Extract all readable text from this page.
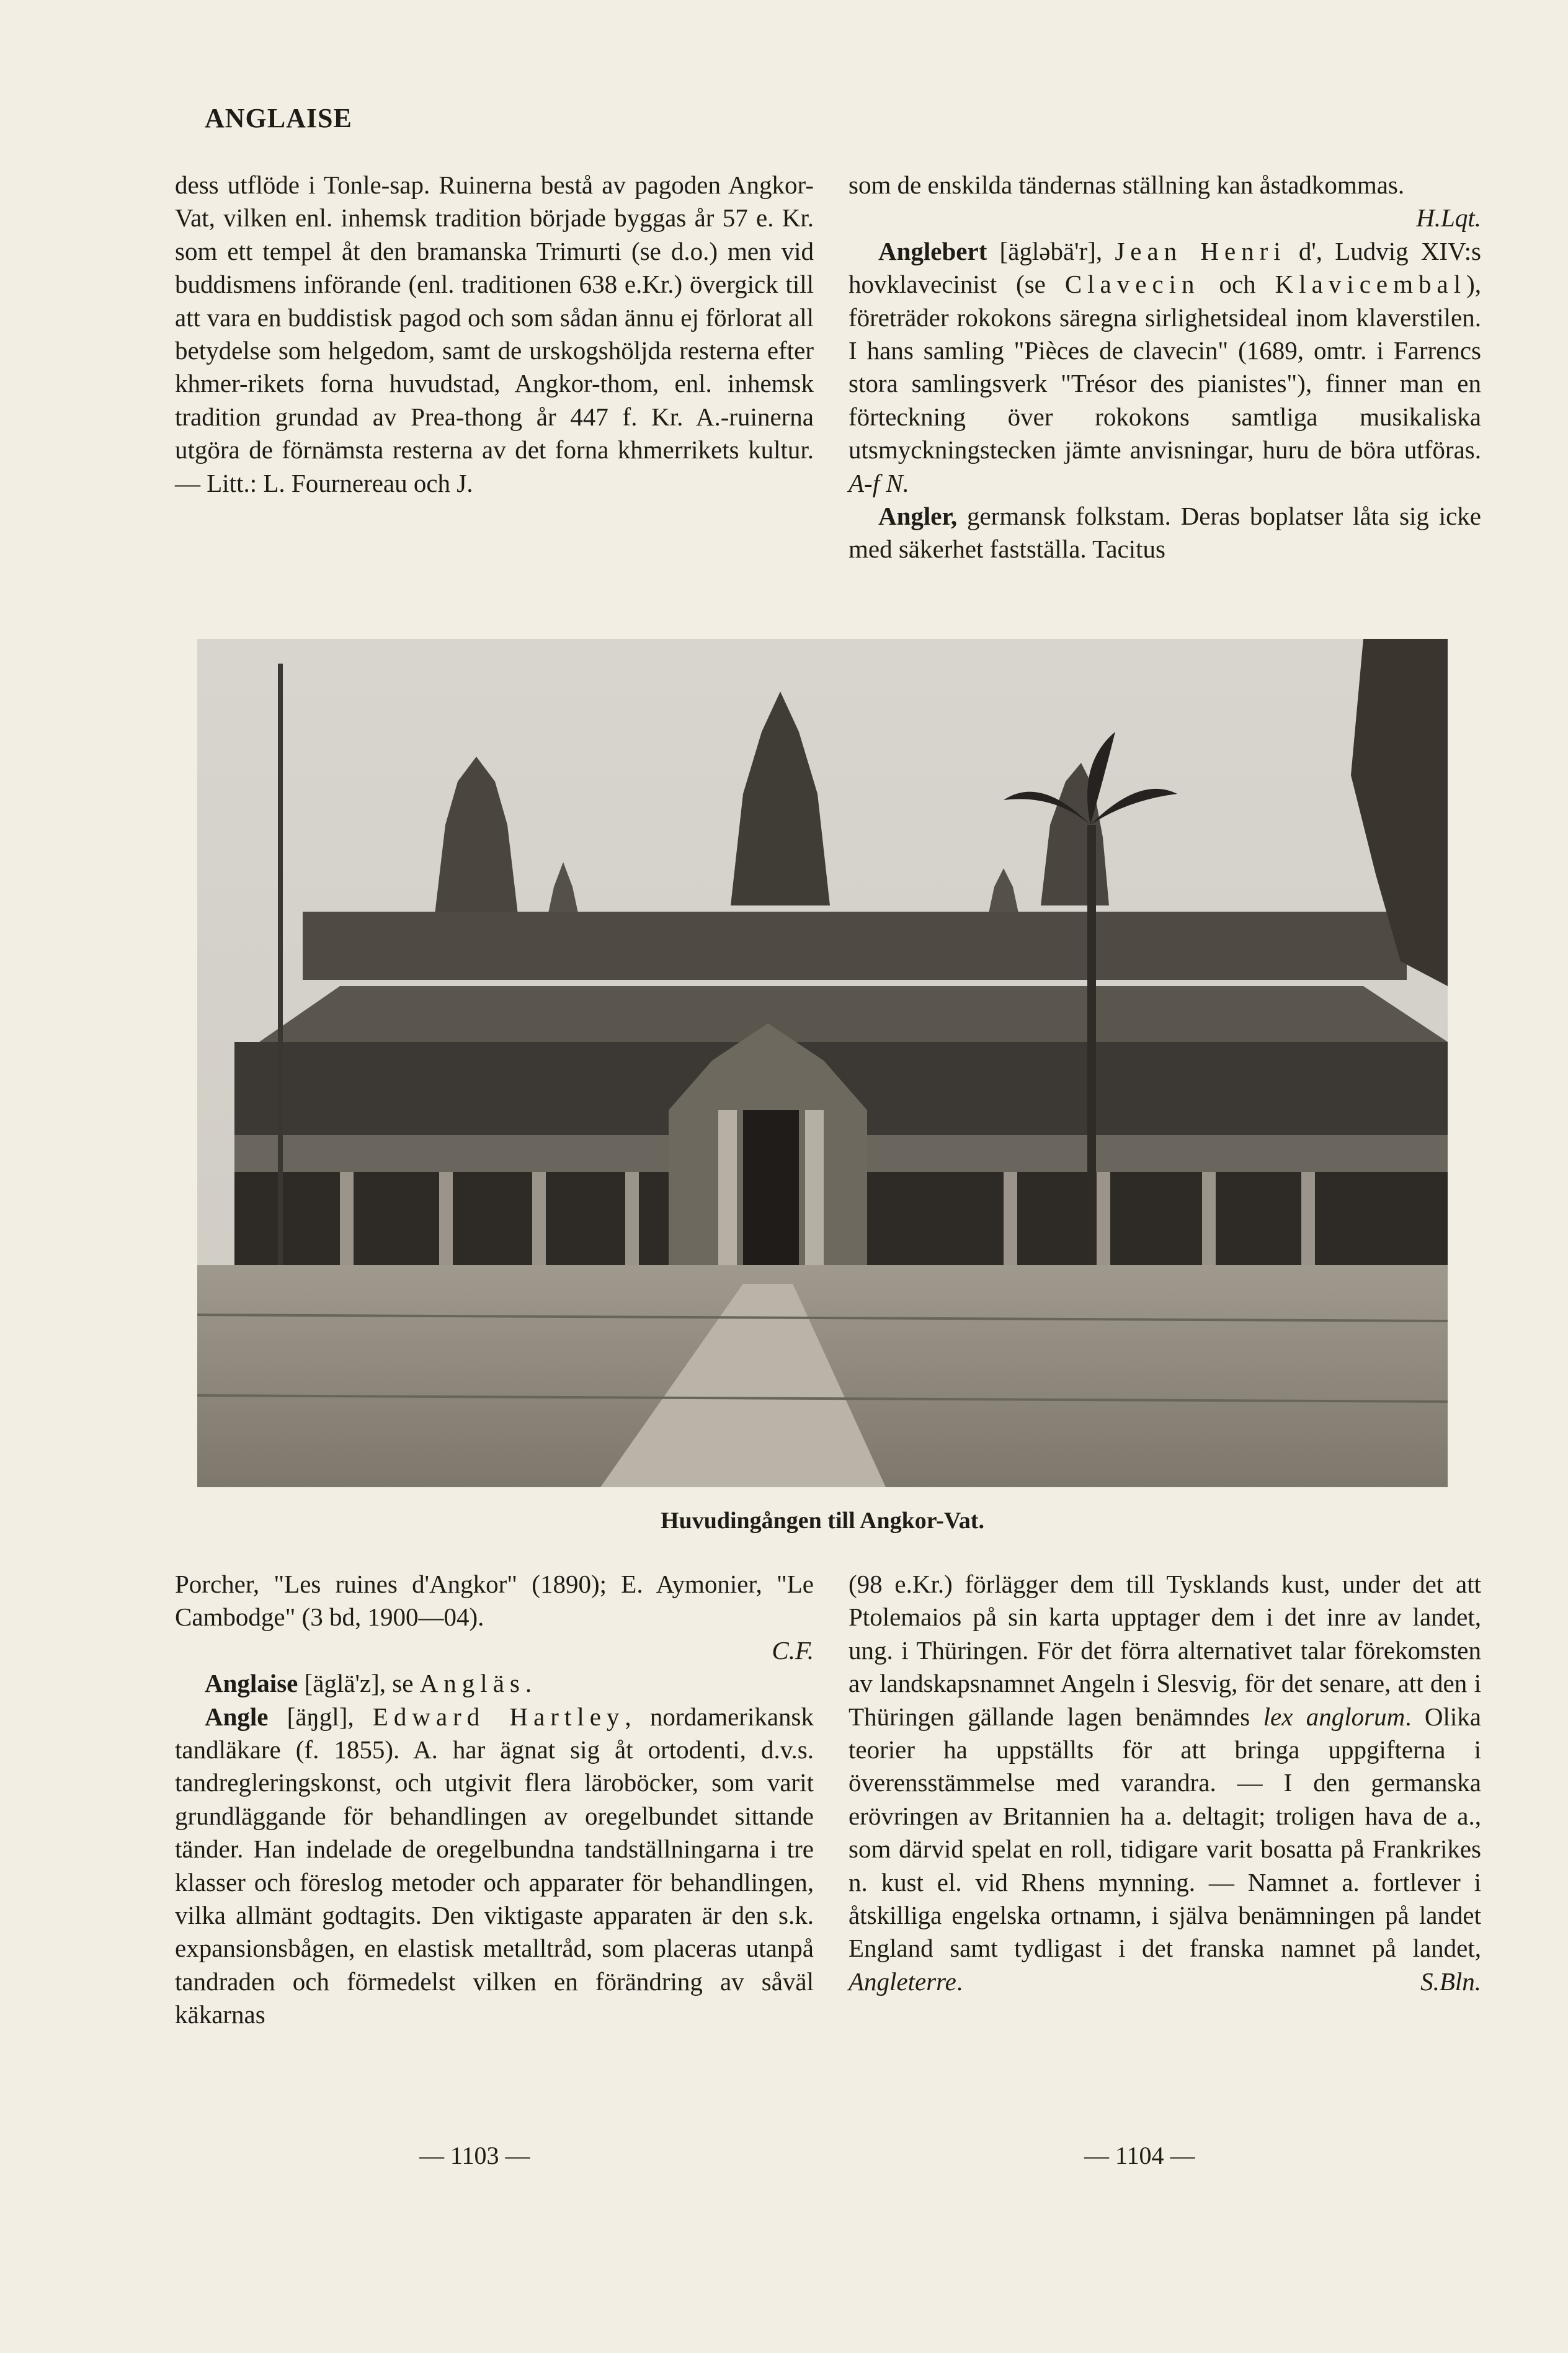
ANGLAISE

dess utflöde i Tonle-sap. Ruinerna bestå av pagoden Angkor-Vat, vilken enl. inhemsk tradition började byggas år 57 e. Kr. som ett tempel åt den bramanska Trimurti (se d.o.) men vid buddismens införande (enl. traditionen 638 e.Kr.) övergick till att vara en buddistisk pagod och som sådan ännu ej förlorat all betydelse som helgedom, samt de urskogshöljda resterna efter khmer-rikets forna huvudstad, Angkor-thom, enl. inhemsk tradition grundad av Prea-thong år 447 f. Kr. A.-ruinerna utgöra de förnämsta resterna av det forna khmerrikets kultur. — Litt.: L. Fournereau och J.

som de enskilda tändernas ställning kan åstadkommas.
H.Lqt.

Anglebert [ägləbä'r], Jean Henri d', Ludvig XIV:s hovklavecinist (se Clavecin och Klavicembal), företräder rokokons säregna sirlighetsideal inom klaverstilen. I hans samling "Pièces de clavecin" (1689, omtr. i Farrencs stora samlingsverk "Trésor des pianistes"), finner man en förteckning över rokokons samtliga musikaliska utsmyckningstecken jämte anvisningar, huru de böra utföras. A-f N.

Angler, germansk folkstam. Deras boplatser låta sig icke med säkerhet fastställa. Tacitus

Huvudingången till Angkor-Vat.

Porcher, "Les ruines d'Angkor" (1890); E. Aymonier, "Le Cambodge" (3 bd, 1900—04).
C.F.

Anglaise [äglä'z], se Angläs.

Angle [äŋgl], Edward Hartley, nordamerikansk tandläkare (f. 1855). A. har ägnat sig åt ortodenti, d.v.s. tandregleringskonst, och utgivit flera läroböcker, som varit grundläggande för behandlingen av oregelbundet sittande tänder. Han indelade de oregelbundna tandställningarna i tre klasser och föreslog metoder och apparater för behandlingen, vilka allmänt godtagits. Den viktigaste apparaten är den s.k. expansionsbågen, en elastisk metalltråd, som placeras utanpå tandraden och förmedelst vilken en förändring av såväl käkarnas

(98 e.Kr.) förlägger dem till Tysklands kust, under det att Ptolemaios på sin karta upptager dem i det inre av landet, ung. i Thüringen. För det förra alternativet talar förekomsten av landskapsnamnet Angeln i Slesvig, för det senare, att den i Thüringen gällande lagen benämndes lex anglorum. Olika teorier ha uppställts för att bringa uppgifterna i överensstämmelse med varandra. — I den germanska erövringen av Britannien ha a. deltagit; troligen hava de a., som därvid spelat en roll, tidigare varit bosatta på Frankrikes n. kust el. vid Rhens mynning. — Namnet a. fortlever i åtskilliga engelska ortnamn, i själva benämningen på landet England samt tydligast i det franska namnet på landet, Angleterre.	S.Bln.

— 1103 —	— 1104 —
